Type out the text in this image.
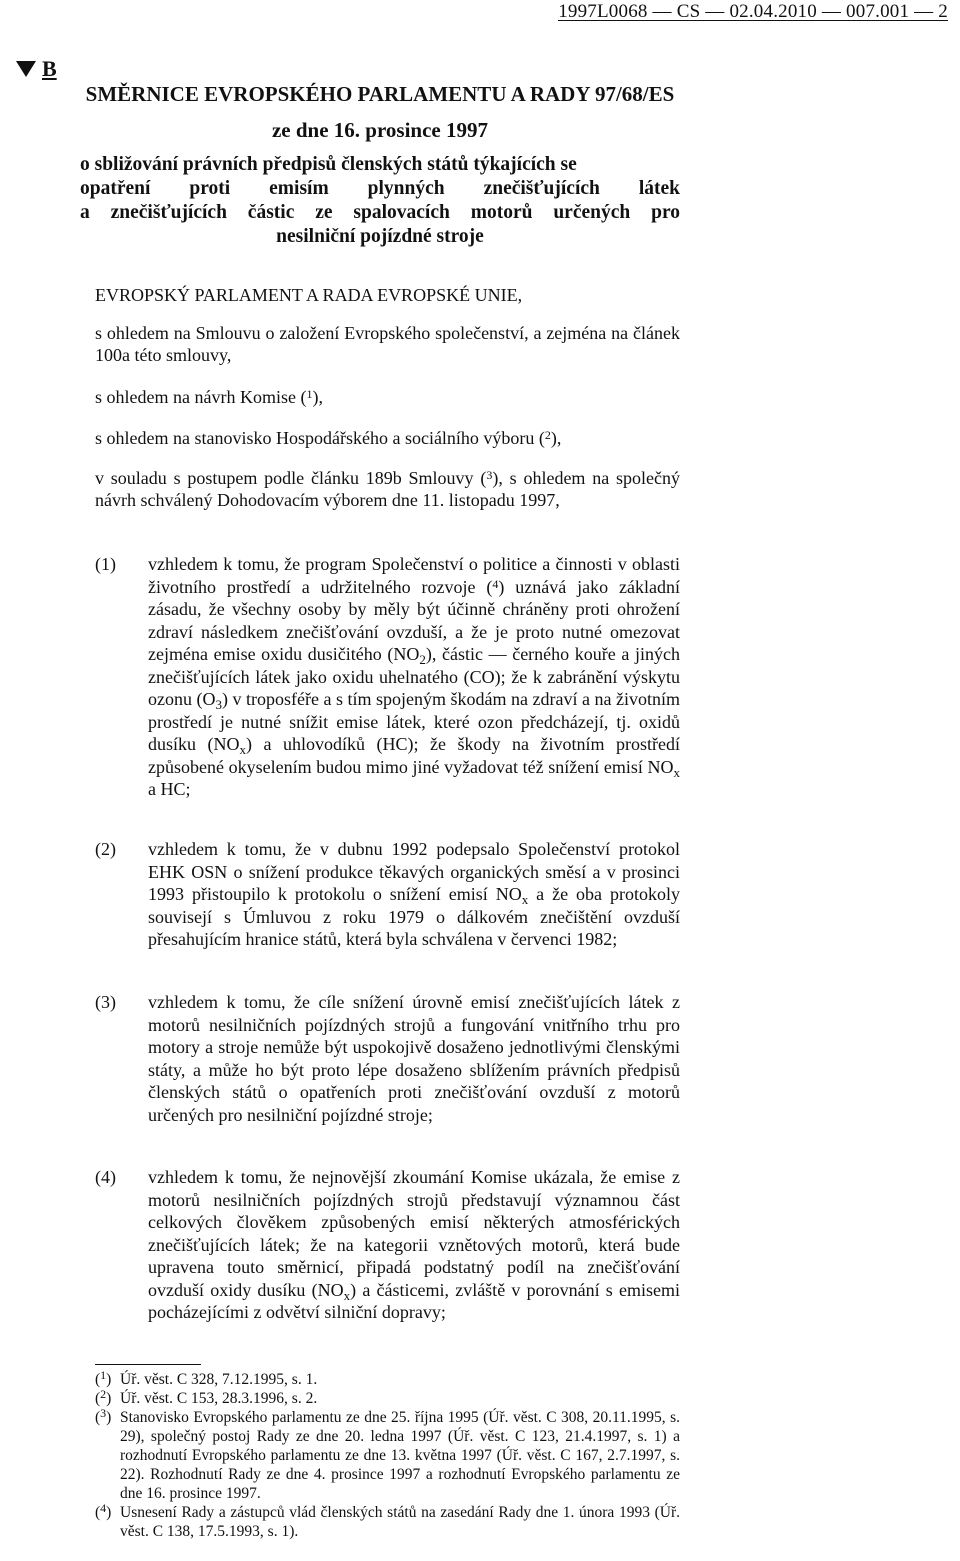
1997L0068 — CS — 02.04.2010 — 007.001 — 2
B
SMĚRNICE EVROPSKÉHO PARLAMENTU A RADY 97/68/ES
ze dne 16. prosince 1997
o sbližování právních předpisů členských států týkajících se
opatření proti emisím plynných znečišťujících látek
a znečišťujících částic ze spalovacích motorů určených pro
nesilniční pojízdné stroje
EVROPSKÝ PARLAMENT A RADA EVROPSKÉ UNIE,
s ohledem na Smlouvu o založení Evropského společenství, a zejména na článek 100a této smlouvy,
s ohledem na návrh Komise ($^1$),
s ohledem na stanovisko Hospodářského a sociálního výboru ($^2$),
v souladu s postupem podle článku 189b Smlouvy ($^3$), s ohledem na společný návrh schválený Dohodovacím výborem dne 11. listopadu 1997,
(1) vzhledem k tomu, že program Společenství o politice a činnosti v oblasti životního prostředí a udržitelného rozvoje ($^4$) uznává jako základní zásadu, že všechny osoby by měly být účinně chráněny proti ohrožení zdraví následkem znečišťování ovzduší, a že je proto nutné omezovat zejména emise oxidu dusičitého $(NO_2)$, částic — černého kouře a jiných znečišťujících látek jako oxidu uhelnatého (CO); že k zabránění výskytu ozonu $(O_3)$ v troposféře a s tím spojeným škodám na zdraví a na životním prostředí je nutné snížit emise látek, které ozon předcházejí, tj. oxidů dusíku $(NO_x)$ a uhlovodíků (HC); že škody na životním prostředí způsobené okyselením budou mimo jiné vyžadovat též snížení emisí $NO_x$ a HC;
(2) vzhledem k tomu, že v dubnu 1992 podepsalo Společenství protokol EHK OSN o snížení produkce těkavých organických směsí a v prosinci 1993 přistoupilo k protokolu o snížení emisí $NO_x$ a že oba protokoly souvisejí s Úmluvou z roku 1979 o dálkovém znečištění ovzduší přesahujícím hranice států, která byla schválena v červenci 1982;
(3) vzhledem k tomu, že cíle snížení úrovně emisí znečišťujících látek z motorů nesilničních pojízdných strojů a fungování vnitřního trhu pro motory a stroje nemůže být uspokojivě dosaženo jednotlivými členskými státy, a může ho být proto lépe dosaženo sblížením právních předpisů členských států o opatřeních proti znečišťování ovzduší z motorů určených pro nesilniční pojízdné stroje;
(4) vzhledem k tomu, že nejnovější zkoumání Komise ukázala, že emise z motorů nesilničních pojízdných strojů představují významnou část celkových člověkem způsobených emisí některých atmosférických znečišťujících látek; že na kategorii vznětových motorů, která bude upravena touto směrnicí, připadá podstatný podíl na znečišťování ovzduší oxidy dusíku $(NO_x)$ a částicemi, zvláště v porovnání s emisemi pocházejícími z odvětví silniční dopravy;
($^1$) Úř. věst. C 328, 7.12.1995, s. 1.
($^2$) Úř. věst. C 153, 28.3.1996, s. 2.
($^3$) Stanovisko Evropského parlamentu ze dne 25. října 1995 (Úř. věst. C 308, 20.11.1995, s. 29), společný postoj Rady ze dne 20. ledna 1997 (Úř. věst. C 123, 21.4.1997, s. 1) a rozhodnutí Evropského parlamentu ze dne 13. května 1997 (Úř. věst. C 167, 2.7.1997, s. 22). Rozhodnutí Rady ze dne 4. prosince 1997 a rozhodnutí Evropského parlamentu ze dne 16. prosince 1997.
($^4$) Usnesení Rady a zástupců vlád členských států na zasedání Rady dne 1. února 1993 (Úř. věst. C 138, 17.5.1993, s. 1).
